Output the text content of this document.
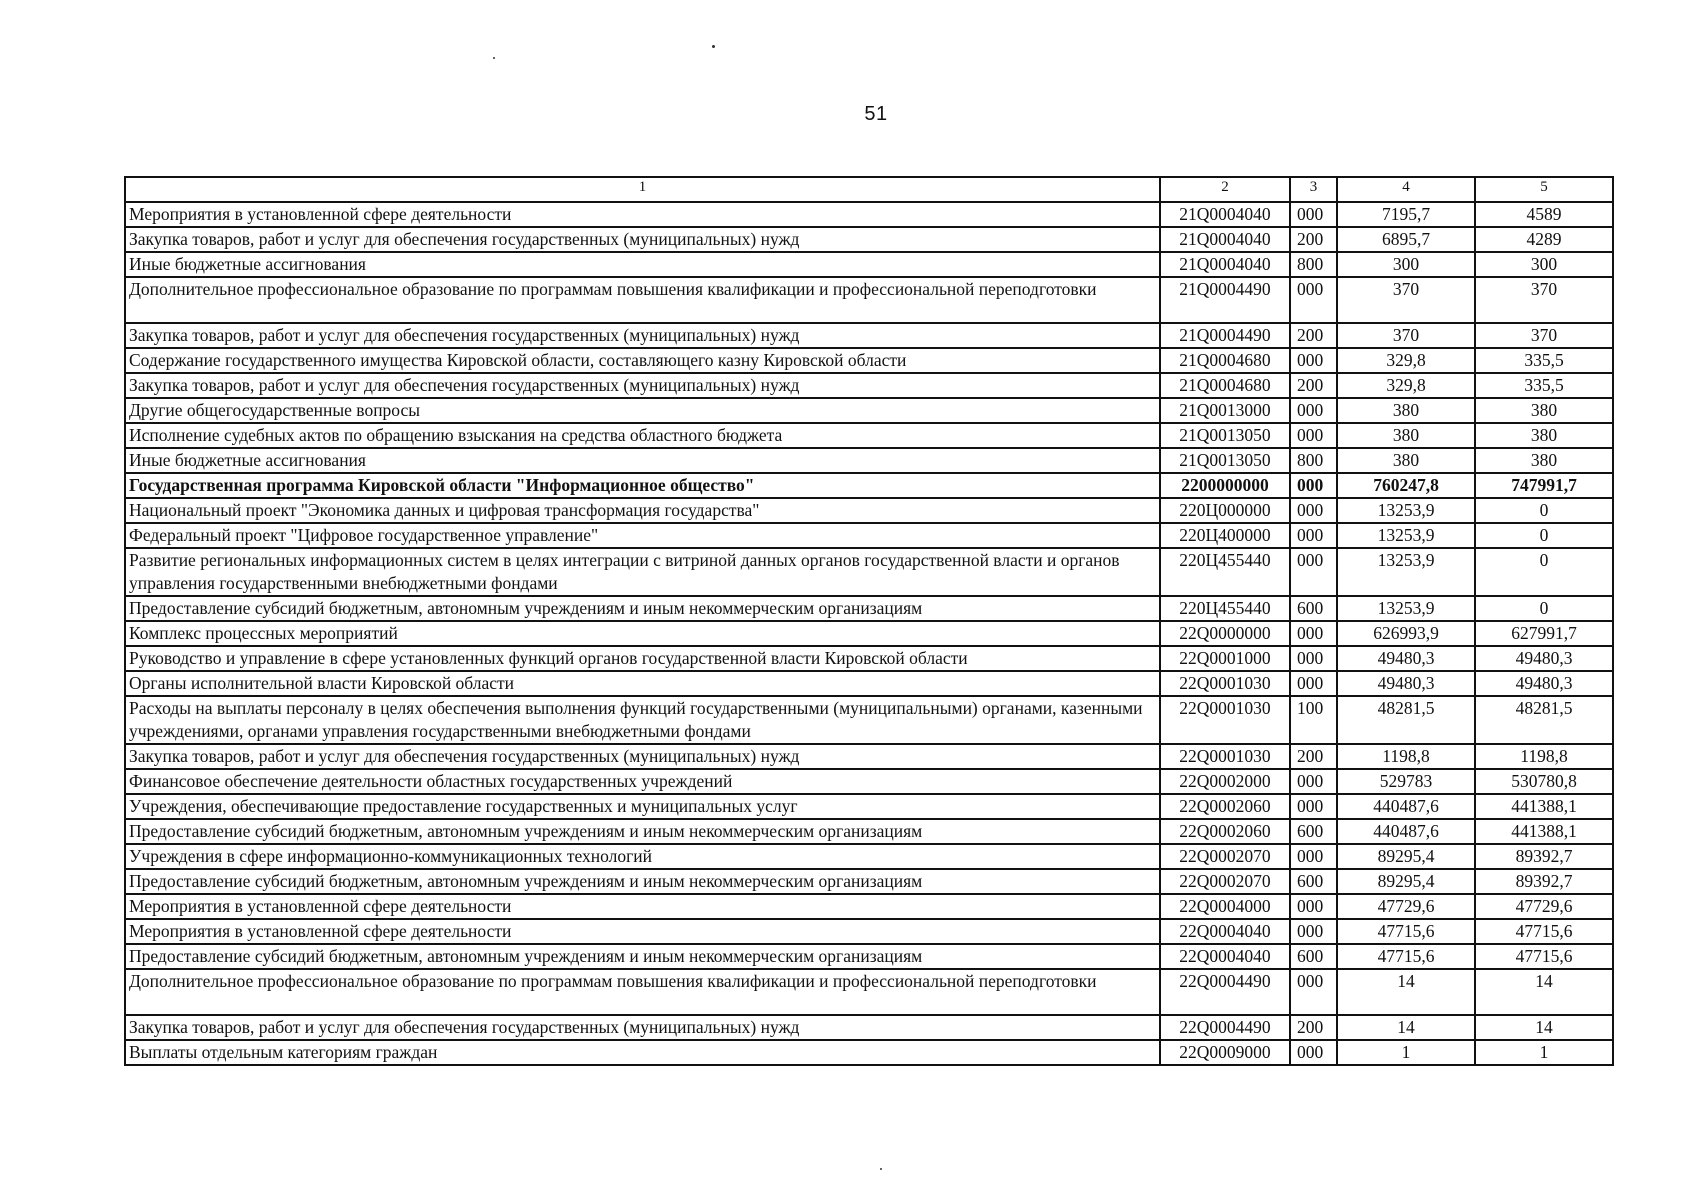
51
1	2	3	4	5
Мероприятия в установленной сфере деятельности	21Q0004040	000	7195,7	4589
Закупка товаров, работ и услуг для обеспечения государственных (муниципальных) нужд	21Q0004040	200	6895,7	4289
Иные бюджетные ассигнования	21Q0004040	800	300	300
Дополнительное профессиональное образование по программам повышения квалификации и профессиональной переподготовки	21Q0004490	000	370	370
Закупка товаров, работ и услуг для обеспечения государственных (муниципальных) нужд	21Q0004490	200	370	370
Содержание государственного имущества Кировской области, составляющего казну Кировской области	21Q0004680	000	329,8	335,5
Закупка товаров, работ и услуг для обеспечения государственных (муниципальных) нужд	21Q0004680	200	329,8	335,5
Другие общегосударственные вопросы	21Q0013000	000	380	380
Исполнение судебных актов по обращению взыскания на средства областного бюджета	21Q0013050	000	380	380
Иные бюджетные ассигнования	21Q0013050	800	380	380
Государственная программа Кировской области "Информационное общество"	2200000000	000	760247,8	747991,7
Национальный проект "Экономика данных и цифровая трансформация государства"	220Ц000000	000	13253,9	0
Федеральный проект "Цифровое государственное управление"	220Ц400000	000	13253,9	0
Развитие региональных информационных систем в целях интеграции с витриной данных органов государственной власти и органов управления государственными внебюджетными фондами	220Ц455440	000	13253,9	0
Предоставление субсидий бюджетным, автономным учреждениям и иным некоммерческим организациям	220Ц455440	600	13253,9	0
Комплекс процессных мероприятий	22Q0000000	000	626993,9	627991,7
Руководство и управление в сфере установленных функций органов государственной власти Кировской области	22Q0001000	000	49480,3	49480,3
Органы исполнительной власти Кировской области	22Q0001030	000	49480,3	49480,3
Расходы на выплаты персоналу в целях обеспечения выполнения функций государственными (муниципальными) органами, казенными учреждениями, органами управления государственными внебюджетными фондами	22Q0001030	100	48281,5	48281,5
Закупка товаров, работ и услуг для обеспечения государственных (муниципальных) нужд	22Q0001030	200	1198,8	1198,8
Финансовое обеспечение деятельности областных государственных учреждений	22Q0002000	000	529783	530780,8
Учреждения, обеспечивающие предоставление государственных и муниципальных услуг	22Q0002060	000	440487,6	441388,1
Предоставление субсидий бюджетным, автономным учреждениям и иным некоммерческим организациям	22Q0002060	600	440487,6	441388,1
Учреждения в сфере информационно-коммуникационных технологий	22Q0002070	000	89295,4	89392,7
Предоставление субсидий бюджетным, автономным учреждениям и иным некоммерческим организациям	22Q0002070	600	89295,4	89392,7
Мероприятия в установленной сфере деятельности	22Q0004000	000	47729,6	47729,6
Мероприятия в установленной сфере деятельности	22Q0004040	000	47715,6	47715,6
Предоставление субсидий бюджетным, автономным учреждениям и иным некоммерческим организациям	22Q0004040	600	47715,6	47715,6
Дополнительное профессиональное образование по программам повышения квалификации и профессиональной переподготовки	22Q0004490	000	14	14
Закупка товаров, работ и услуг для обеспечения государственных (муниципальных) нужд	22Q0004490	200	14	14
Выплаты отдельным категориям граждан	22Q0009000	000	1	1
